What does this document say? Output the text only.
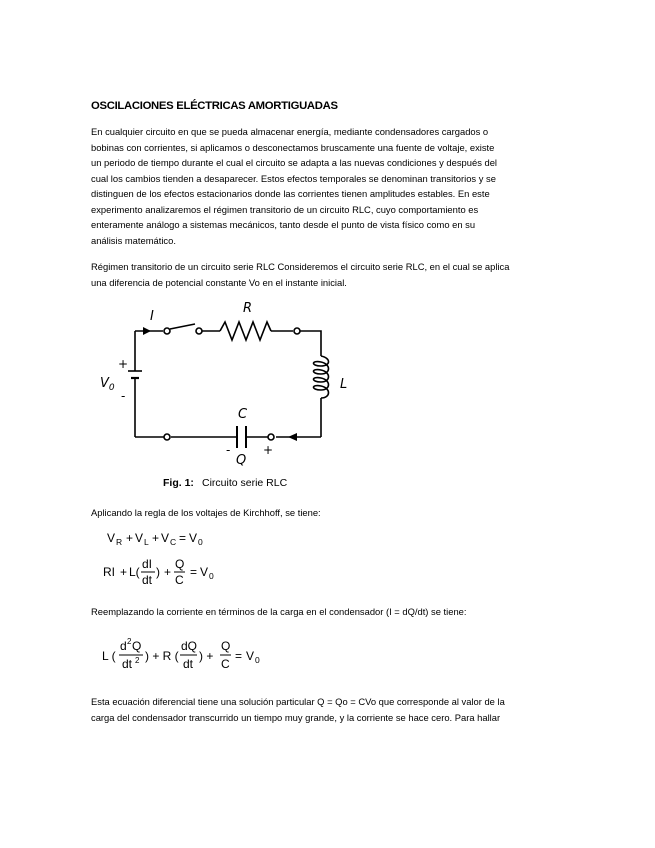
OSCILACIONES ELÉCTRICAS AMORTIGUADAS
En cualquier circuito en que se pueda almacenar energía, mediante condensadores cargados o
bobinas con corrientes, si aplicamos o desconectamos bruscamente una fuente de voltaje, existe
un periodo de tiempo durante el cual el circuito se adapta a las nuevas condiciones y después del
cual los cambios tienden a desaparecer. Estos efectos temporales se denominan transitorios y se
distinguen de los efectos estacionarios donde las corrientes tienen amplitudes estables. En este
experimento analizaremos el régimen transitorio de un circuito RLC, cuyo comportamiento es
enteramente análogo a sistemas mecánicos, tanto desde el punto de vista físico como en su
análisis matemático.
Régimen transitorio de un circuito serie RLC Consideremos el circuito serie RLC, en el cual se aplica
una diferencia de potencial constante Vo en el instante inicial.
I
R
L
C
Q
$V_0$
+
-
-	+
Fig. 1: Circuito serie RLC
Aplicando la regla de los voltajes de Kirchhoff, se tiene:
V R + V L + V C = V 0
RI + L(
dI
dt
) +
Q
C
= V 0
Reemplazando la corriente en términos de la carga en el condensador (I = dQ/dt) se tiene:
L (
d 2 Q
dt 2 ) + R (
dQ
dt
) +
Q
C
= V 0
Esta ecuación diferencial tiene una solución particular Q = Qo = CVo que corresponde al valor de la
carga del condensador transcurrido un tiempo muy grande, y la corriente se hace cero. Para hallar
